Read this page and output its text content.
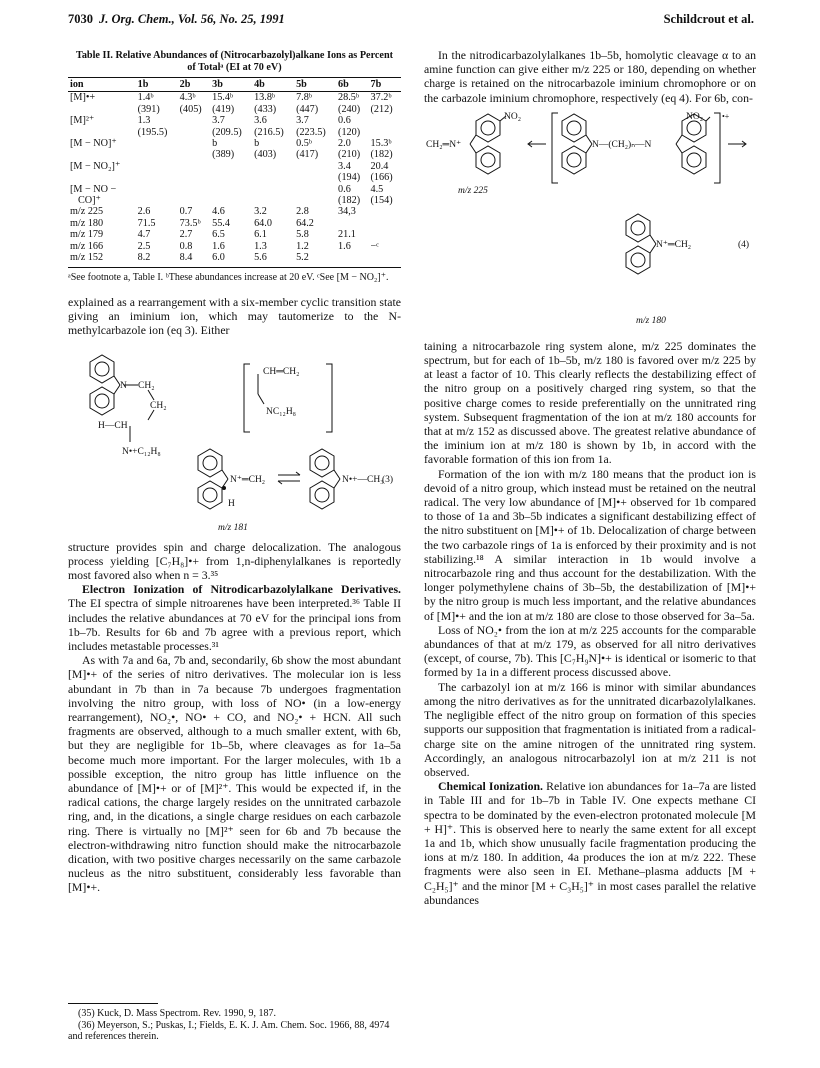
7030 J. Org. Chem., Vol. 56, No. 25, 1991	Schildcrout et al.
Table II. Relative Abundances of (Nitrocarbazolyl)alkane Ions as Percent of Totalᵃ (EI at 70 eV)
ion	1b	2b	3b	4b	5b	6b	7b
[M]•+	1.4ᵇ	4.3ᵇ	15.4ᵇ	13.8ᵇ	7.8ᵇ	28.5ᵇ	37.2ᵇ
	(391)	(405)	(419)	(433)	(447)	(240)	(212)
[M]²⁺	1.3		3.7	3.6	3.7	0.6	
	(195.5)		(209.5)	(216.5)	(223.5)	(120)	
[M − NO]⁺			b	b	0.5ᵇ	2.0	15.3ᵇ
			(389)	(403)	(417)	(210)	(182)
[M − NO₂]⁺						3.4	20.4
						(194)	(166)
[M − NO −						0.6	4.5
CO]⁺						(182)	(154)
m/z 225	2.6	0.7	4.6	3.2	2.8	34,3	
m/z 180	71.5	73.5ᵇ	55.4	64.0	64.2		
m/z 179	4.7	2.7	6.5	6.1	5.8	21.1	
m/z 166	2.5	0.8	1.6	1.3	1.2	1.6	−ᶜ
m/z 152	8.2	8.4	6.0	5.6	5.2		
ᵃSee footnote a, Table I. ᵇThese abundances increase at 20 eV. ᶜSee [M − NO₂]⁺.

explained as a rearrangement with a six-member cyclic transition state giving an iminium ion, which may tautomerize to the N-methylcarbazole ion (eq 3). Either

N CH₂
CH₂
H—CH
N•+C₁₂H₈
CH═CH₂
NC₁₂H₈
N⁺═CH₂
H
N•+—CH₃
m/z 181
(3)

structure provides spin and charge delocalization. The analogous process yielding [C₇H₈]•+ from 1,n-diphenylalkanes is reportedly most favored also when n = 3.³⁵

Electron Ionization of Nitrodicarbazolylalkane Derivatives. The EI spectra of simple nitroarenes have been interpreted.³⁶ Table II includes the relative abundances at 70 eV for the principal ions from 1b–7b. Results for 6b and 7b agree with a previous report, which includes metastable processes.³¹

As with 7a and 6a, 7b and, secondarily, 6b show the most abundant [M]•+ of the series of nitro derivatives. The molecular ion is less abundant in 7b than in 7a because 7b undergoes fragmentation involving the nitro group, with loss of NO• (in a low-energy rearrangement), NO₂•, NO• + CO, and NO₂• + HCN. All such fragments are observed, although to a much smaller extent, with 6b, but they are negligible for 1b–5b, where cleavages as for 1a–5a become much more important. For the larger molecules, with 1b a possible exception, the nitro group has little influence on the abundance of [M]•+ or of [M]²⁺. This would be expected if, in the radical cations, the charge largely resides on the unnitrated carbazole ring, and, in the dications, a single charge residues on each carbazole ring. There is virtually no [M]²⁺ seen for 6b and 7b because the electron-withdrawing nitro function should make the nitrocarbazole dication, with two positive charges necessarily on the same carbazole nucleus as the nitro substituent, considerably less favorable than [M]•+.

(35) Kuck, D. Mass Spectrom. Rev. 1990, 9, 187.
(36) Meyerson, S.; Puskas, I.; Fields, E. K. J. Am. Chem. Soc. 1966, 88, 4974 and references therein.

In the nitrodicarbazolylalkanes 1b–5b, homolytic cleavage α to an amine function can give either m/z 225 or 180, depending on whether charge is retained on the nitrocarbazole iminium chromophore or on the carbazole iminium chromophore, respectively (eq 4). For 6b, con-

NO₂
CH₂═N⁺	N—(CH₂)ₙ—N
NO₂ •+
m/z 225
N⁺═CH₂	(4)
m/z 180

taining a nitrocarbazole ring system alone, m/z 225 dominates the spectrum, but for each of 1b–5b, m/z 180 is favored over m/z 225 by at least a factor of 10. This clearly reflects the destabilizing effect of the nitro group on a positively charged ring system, so that the positive charge comes to reside preferentially on the unnitrated ring system. Subsequent fragmentation of the ion at m/z 180 accounts for that at m/z 152 as discussed above. The greatest relative abundance of the iminium ion at m/z 180 is shown by 1b, in accord with the favorable formation of this ion from 1a.

Formation of the ion with m/z 180 means that the product ion is devoid of a nitro group, which instead must be retained on the neutral radical. The very low abundance of [M]•+ observed for 1b compared to those of 1a and 3b–5b indicates a significant destabilizing effect of the nitro substituent on [M]•+ of 1b. Delocalization of charge between the two carbazole rings of 1a is enforced by their proximity and is not stabilizing.¹⁸ A similar interaction in 1b would involve a nitrocarbazole ring and thus account for the destabilization. With the longer polymethylene chains of 3b–5b, the destabilization of [M]•+ by the nitro group is much less important, and the relative abundances of [M]•+ and the ion at m/z 180 are close to those observed for 3a–5a.

Loss of NO₂• from the ion at m/z 225 accounts for the comparable abundances of that at m/z 179, as observed for all nitro derivatives (except, of course, 7b). This [C₇H₉N]•+ is identical or isomeric to that formed by 1a in a different process discussed above.

The carbazolyl ion at m/z 166 is minor with similar abundances among the nitro derivatives as for the unnitrated dicarbazolylalkanes. The negligible effect of the nitro group on formation of this species supports our supposition that fragmentation is initiated from a radical-charge site on the amine nitrogen of the unnitrated ring system. Accordingly, an analogous nitrocarbazolyl ion at m/z 211 is not observed.

Chemical Ionization. Relative ion abundances for 1a–7a are listed in Table III and for 1b–7b in Table IV. One expects methane CI spectra to be dominated by the even-electron protonated molecule [M + H]⁺. This is observed here to nearly the same extent for all except 1a and 1b, which show unusually facile fragmentation producing the ions at m/z 180. In addition, 4a produces the ion at m/z 222. These fragments were also seen in EI. Methane–plasma adducts [M + C₂H₅]⁺ and the minor [M + C₃H₅]⁺ in most cases parallel the relative abundances
